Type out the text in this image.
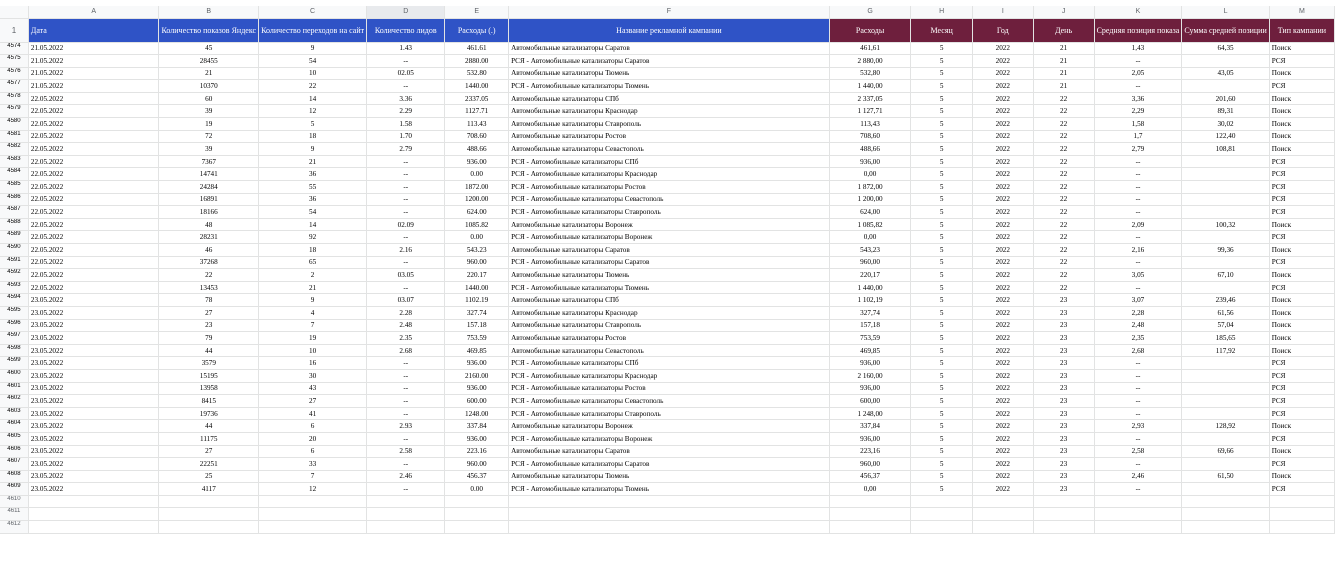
	A	B	C	D	E	F	G	H	I	J	K	L	M
1	Дата	Количество показов Яндекс	Количество переходов на сайт	Количество лидов	Расходы (.)	Название рекламной кампании	Расходы	Месяц	Год	День	Средняя позиция показа	Сумма средней позиции	Тип кампании
4574	21.05.2022	45	9	1.43	461.61	Автомобильные катализаторы Саратов	461,61	5	2022	21	1,43	64,35	Поиск
4575	21.05.2022	28455	54	--	2880.00	РСЯ - Автомобильные катализаторы Саратов	2 880,00	5	2022	21	--		РСЯ
4576	21.05.2022	21	10	02.05	532.80	Автомобильные катализаторы Тюмень	532,80	5	2022	21	2,05	43,05	Поиск
4577	21.05.2022	10370	22	--	1440.00	РСЯ - Автомобильные катализаторы Тюмень	1 440,00	5	2022	21	--		РСЯ
4578	22.05.2022	60	14	3.36	2337.05	Автомобильные катализаторы СПб	2 337,05	5	2022	22	3,36	201,60	Поиск
4579	22.05.2022	39	12	2.29	1127.71	Автомобильные катализаторы Краснодар	1 127,71	5	2022	22	2,29	89,31	Поиск
4580	22.05.2022	19	5	1.58	113.43	Автомобильные катализаторы Ставрополь	113,43	5	2022	22	1,58	30,02	Поиск
4581	22.05.2022	72	18	1.70	708.60	Автомобильные катализаторы Ростов	708,60	5	2022	22	1,7	122,40	Поиск
4582	22.05.2022	39	9	2.79	488.66	Автомобильные катализаторы Севастополь	488,66	5	2022	22	2,79	108,81	Поиск
4583	22.05.2022	7367	21	--	936.00	РСЯ - Автомобильные катализаторы СПб	936,00	5	2022	22	--		РСЯ
4584	22.05.2022	14741	36	--	0.00	РСЯ - Автомобильные катализаторы Краснодар	0,00	5	2022	22	--		РСЯ
4585	22.05.2022	24284	55	--	1872.00	РСЯ - Автомобильные катализаторы Ростов	1 872,00	5	2022	22	--		РСЯ
4586	22.05.2022	16891	36	--	1200.00	РСЯ - Автомобильные катализаторы Севастополь	1 200,00	5	2022	22	--		РСЯ
4587	22.05.2022	18166	54	--	624.00	РСЯ - Автомобильные катализаторы Ставрополь	624,00	5	2022	22	--		РСЯ
4588	22.05.2022	48	14	02.09	1085.82	Автомобильные катализаторы Воронеж	1 085,82	5	2022	22	2,09	100,32	Поиск
4589	22.05.2022	28231	92	--	0.00	РСЯ - Автомобильные катализаторы Воронеж	0,00	5	2022	22	--		РСЯ
4590	22.05.2022	46	18	2.16	543.23	Автомобильные катализаторы Саратов	543,23	5	2022	22	2,16	99,36	Поиск
4591	22.05.2022	37268	65	--	960.00	РСЯ - Автомобильные катализаторы Саратов	960,00	5	2022	22	--		РСЯ
4592	22.05.2022	22	2	03.05	220.17	Автомобильные катализаторы Тюмень	220,17	5	2022	22	3,05	67,10	Поиск
4593	22.05.2022	13453	21	--	1440.00	РСЯ - Автомобильные катализаторы Тюмень	1 440,00	5	2022	22	--		РСЯ
4594	23.05.2022	78	9	03.07	1102.19	Автомобильные катализаторы СПб	1 102,19	5	2022	23	3,07	239,46	Поиск
4595	23.05.2022	27	4	2.28	327.74	Автомобильные катализаторы Краснодар	327,74	5	2022	23	2,28	61,56	Поиск
4596	23.05.2022	23	7	2.48	157.18	Автомобильные катализаторы Ставрополь	157,18	5	2022	23	2,48	57,04	Поиск
4597	23.05.2022	79	19	2.35	753.59	Автомобильные катализаторы Ростов	753,59	5	2022	23	2,35	185,65	Поиск
4598	23.05.2022	44	10	2.68	469.85	Автомобильные катализаторы Севастополь	469,85	5	2022	23	2,68	117,92	Поиск
4599	23.05.2022	3579	16	--	936.00	РСЯ - Автомобильные катализаторы СПб	936,00	5	2022	23	--		РСЯ
4600	23.05.2022	15195	30	--	2160.00	РСЯ - Автомобильные катализаторы Краснодар	2 160,00	5	2022	23	--		РСЯ
4601	23.05.2022	13958	43	--	936.00	РСЯ - Автомобильные катализаторы Ростов	936,00	5	2022	23	--		РСЯ
4602	23.05.2022	8415	27	--	600.00	РСЯ - Автомобильные катализаторы Севастополь	600,00	5	2022	23	--		РСЯ
4603	23.05.2022	19736	41	--	1248.00	РСЯ - Автомобильные катализаторы Ставрополь	1 248,00	5	2022	23	--		РСЯ
4604	23.05.2022	44	6	2.93	337.84	Автомобильные катализаторы Воронеж	337,84	5	2022	23	2,93	128,92	Поиск
4605	23.05.2022	11175	20	--	936.00	РСЯ - Автомобильные катализаторы Воронеж	936,00	5	2022	23	--		РСЯ
4606	23.05.2022	27	6	2.58	223.16	Автомобильные катализаторы Саратов	223,16	5	2022	23	2,58	69,66	Поиск
4607	23.05.2022	22251	33	--	960.00	РСЯ - Автомобильные катализаторы Саратов	960,00	5	2022	23	--		РСЯ
4608	23.05.2022	25	7	2.46	456.37	Автомобильные катализаторы Тюмень	456,37	5	2022	23	2,46	61,50	Поиск
4609	23.05.2022	4117	12	--	0.00	РСЯ - Автомобильные катализаторы Тюмень	0,00	5	2022	23	--		РСЯ
4610													
4611													
4612													
